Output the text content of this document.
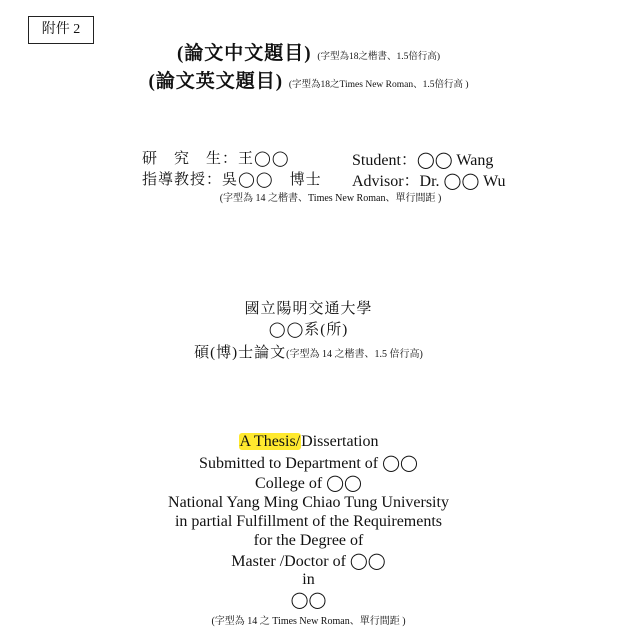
附件 2
(論文中文題目) (字型為18之楷書、1.5倍行高)
(論文英文題目) (字型為18之Times New Roman、1.5倍行高 )
研　究　生：王◯◯	Student：◯◯ Wang
指導教授：吳◯◯　博士 Advisor：Dr. ◯◯ Wu
(字型為 14 之楷書、Times New Roman、單行間距 )
國立陽明交通大學
◯◯系(所)
碩(博)士論文(字型為 14 之楷書、1.5 倍行高)
A Thesis/Dissertation
Submitted to Department of ◯◯
College of ◯◯
National Yang Ming Chiao Tung University
in partial Fulfillment of the Requirements
for the Degree of
Master /Doctor of ◯◯
in
◯◯
(字型為 14 之 Times New Roman、單行間距 )
